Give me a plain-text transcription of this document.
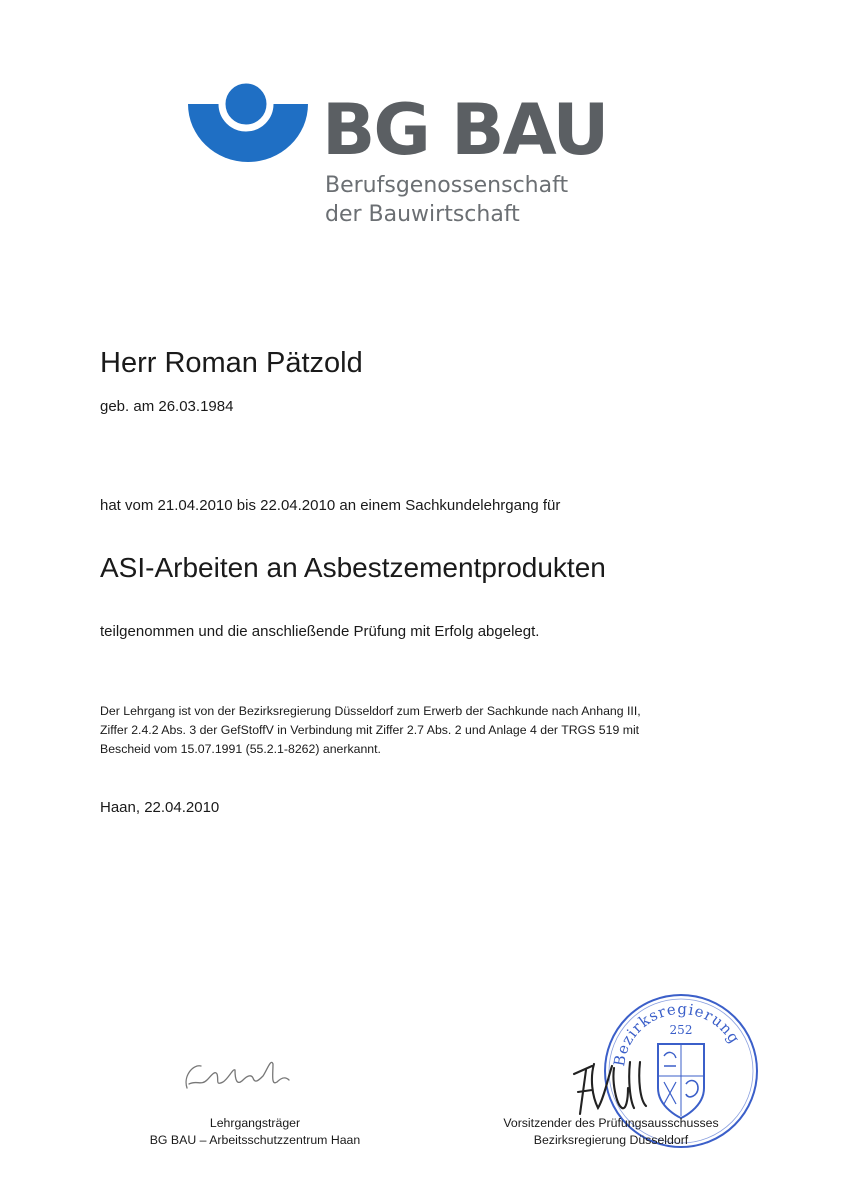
BG BAU
Berufsgenossenschaft
der Bauwirtschaft
Herr Roman Pätzold
geb. am 26.03.1984
hat vom 21.04.2010 bis 22.04.2010 an einem Sachkundelehrgang für
ASI-Arbeiten an Asbestzementprodukten
teilgenommen und die anschließende Prüfung mit Erfolg abgelegt.
Der Lehrgang ist von der Bezirksregierung Düsseldorf zum Erwerb der Sachkunde nach Anhang III,
Ziffer 2.4.2 Abs. 3 der GefStoffV in Verbindung mit Ziffer 2.7 Abs. 2 und Anlage 4 der TRGS 519 mit
Bescheid vom 15.07.1991 (55.2.1-8262) anerkannt.
Haan, 22.04.2010
Bezirksregierung
252
Lehrgangsträger
BG BAU – Arbeitsschutzzentrum Haan
Vorsitzender des Prüfungsausschusses
Bezirksregierung Düsseldorf
